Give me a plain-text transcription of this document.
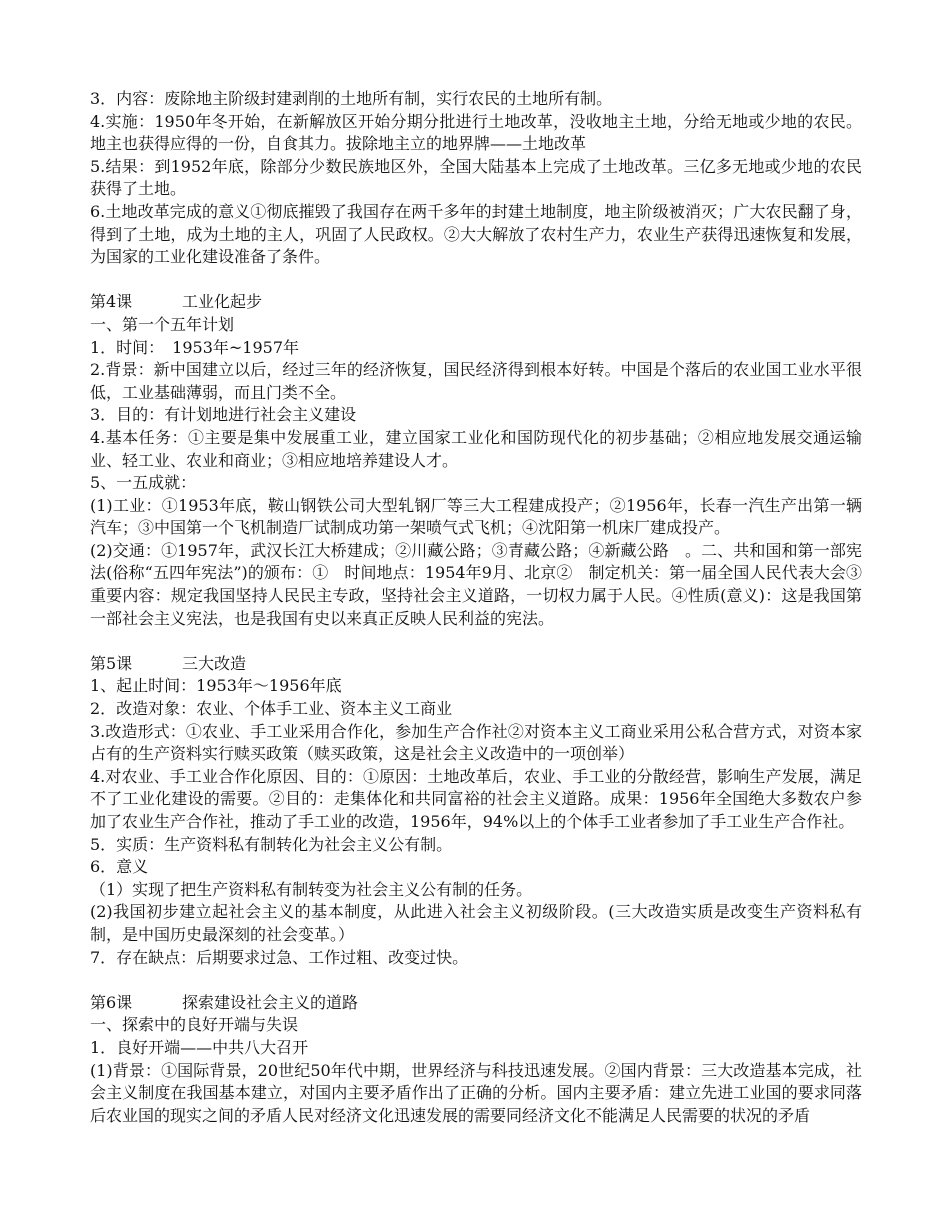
3．内容：废除地主阶级封建剥削的土地所有制，实行农民的土地所有制。

4.实施：1950年冬开始，在新解放区开始分期分批进行土地改革，没收地主土地，分给无地或少地的农民。地主也获得应得的一份，自食其力。拔除地主立的地界牌——土地改革

5.结果：到1952年底，除部分少数民族地区外，全国大陆基本上完成了土地改革。三亿多无地或少地的农民获得了土地。

6.土地改革完成的意义①彻底摧毁了我国存在两千多年的封建土地制度，地主阶级被消灭；广大农民翻了身，得到了土地，成为土地的主人，巩固了人民政权。②大大解放了农村生产力，农业生产获得迅速恢复和发展，为国家的工业化建设准备了条件。

第4课	工业化起步

一、第一个五年计划

1．时间：　1953年~1957年

2.背景：新中国建立以后，经过三年的经济恢复，国民经济得到根本好转。中国是个落后的农业国工业水平很低，工业基础薄弱，而且门类不全。

3．目的：有计划地进行社会主义建设

4.基本任务：①主要是集中发展重工业，建立国家工业化和国防现代化的初步基础；②相应地发展交通运输业、轻工业、农业和商业；③相应地培养建设人才。

5、一五成就：

(1)工业：①1953年底，鞍山钢铁公司大型轧钢厂等三大工程建成投产；②1956年，长春一汽生产出第一辆汽车；③中国第一个飞机制造厂试制成功第一架喷气式飞机；④沈阳第一机床厂建成投产。

(2)交通：①1957年，武汉长江大桥建成；②川藏公路；③青藏公路；④新藏公路　。二、共和国和第一部宪法(俗称“五四年宪法”)的颁布：①　时间地点：1954年9月、北京②　制定机关：第一届全国人民代表大会③　重要内容：规定我国坚持人民民主专政，坚持社会主义道路，一切权力属于人民。④性质(意义)：这是我国第一部社会主义宪法，也是我国有史以来真正反映人民利益的宪法。

第5课	三大改造

1、起止时间：1953年～1956年底

2．改造对象：农业、个体手工业、资本主义工商业

3.改造形式：①农业、手工业采用合作化，参加生产合作社②对资本主义工商业采用公私合营方式，对资本家占有的生产资料实行赎买政策（赎买政策，这是社会主义改造中的一项创举）

4.对农业、手工业合作化原因、目的：①原因：土地改革后，农业、手工业的分散经营，影响生产发展，满足不了工业化建设的需要。②目的：走集体化和共同富裕的社会主义道路。成果：1956年全国绝大多数农户参加了农业生产合作社，推动了手工业的改造，1956年，94%以上的个体手工业者参加了手工业生产合作社。

5．实质：生产资料私有制转化为社会主义公有制。

6．意义

（1）实现了把生产资料私有制转变为社会主义公有制的任务。

(2)我国初步建立起社会主义的基本制度，从此进入社会主义初级阶段。(三大改造实质是改变生产资料私有制，是中国历史最深刻的社会变革。）

7．存在缺点：后期要求过急、工作过粗、改变过快。

第6课	探索建设社会主义的道路

一、探索中的良好开端与失误

1．良好开端——中共八大召开

(1)背景：①国际背景，20世纪50年代中期，世界经济与科技迅速发展。②国内背景：三大改造基本完成，社会主义制度在我国基本建立，对国内主要矛盾作出了正确的分析。国内主要矛盾：建立先进工业国的要求同落后农业国的现实之间的矛盾人民对经济文化迅速发展的需要同经济文化不能满足人民需要的状况的矛盾
